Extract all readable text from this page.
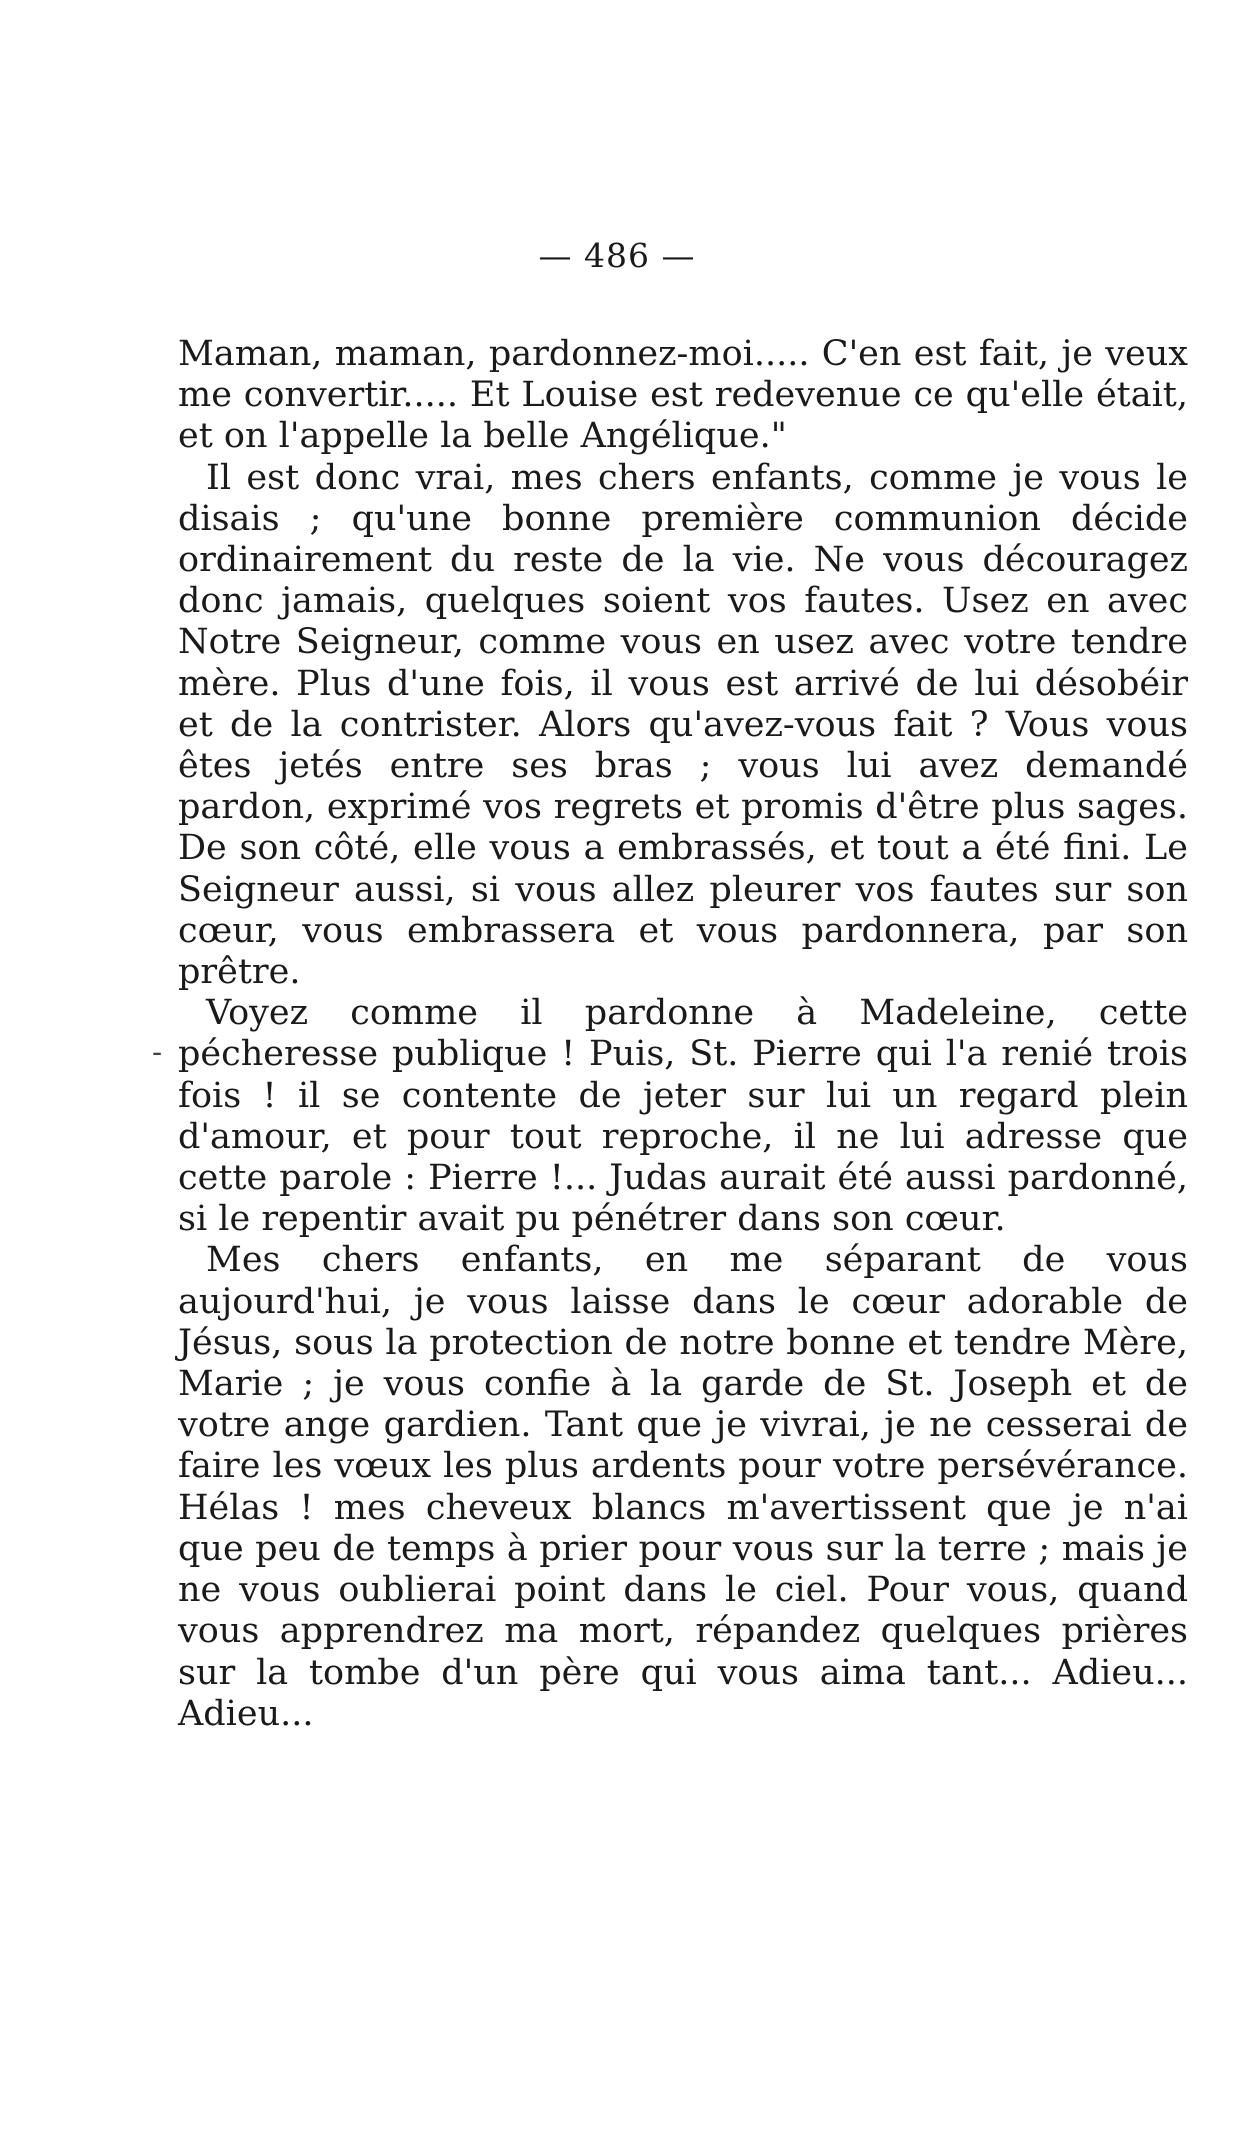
— 486 —

Maman, maman, pardonnez-moi..... C'en est fait, je veux me convertir..... Et Louise est redevenue ce qu'elle était, et on l'appelle la belle Angélique."

Il est donc vrai, mes chers enfants, comme je vous le disais ; qu'une bonne première communion décide ordinairement du reste de la vie. Ne vous découragez donc jamais, quelques soient vos fautes. Usez en avec Notre Seigneur, comme vous en usez avec votre tendre mère. Plus d'une fois, il vous est arrivé de lui désobéir et de la contrister. Alors qu'avez-vous fait ? Vous vous êtes jetés entre ses bras ; vous lui avez demandé pardon, exprimé vos regrets et promis d'être plus sages. De son côté, elle vous a embrassés, et tout a été fini. Le Seigneur aussi, si vous allez pleurer vos fautes sur son cœur, vous embrassera et vous pardonnera, par son prêtre.

Voyez comme il pardonne à Madeleine, cette pécheresse publique ! Puis, St. Pierre qui l'a renié trois fois ! il se contente de jeter sur lui un regard plein d'amour, et pour tout reproche, il ne lui adresse que cette parole : Pierre !... Judas aurait été aussi pardonné, si le repentir avait pu pénétrer dans son cœur.

Mes chers enfants, en me séparant de vous aujourd'hui, je vous laisse dans le cœur adorable de Jésus, sous la protection de notre bonne et tendre Mère, Marie ; je vous confie à la garde de St. Joseph et de votre ange gardien. Tant que je vivrai, je ne cesserai de faire les vœux les plus ardents pour votre persévérance. Hélas ! mes cheveux blancs m'avertissent que je n'ai que peu de temps à prier pour vous sur la terre ; mais je ne vous oublierai point dans le ciel. Pour vous, quand vous apprendrez ma mort, répandez quelques prières sur la tombe d'un père qui vous aima tant... Adieu... Adieu...

-
